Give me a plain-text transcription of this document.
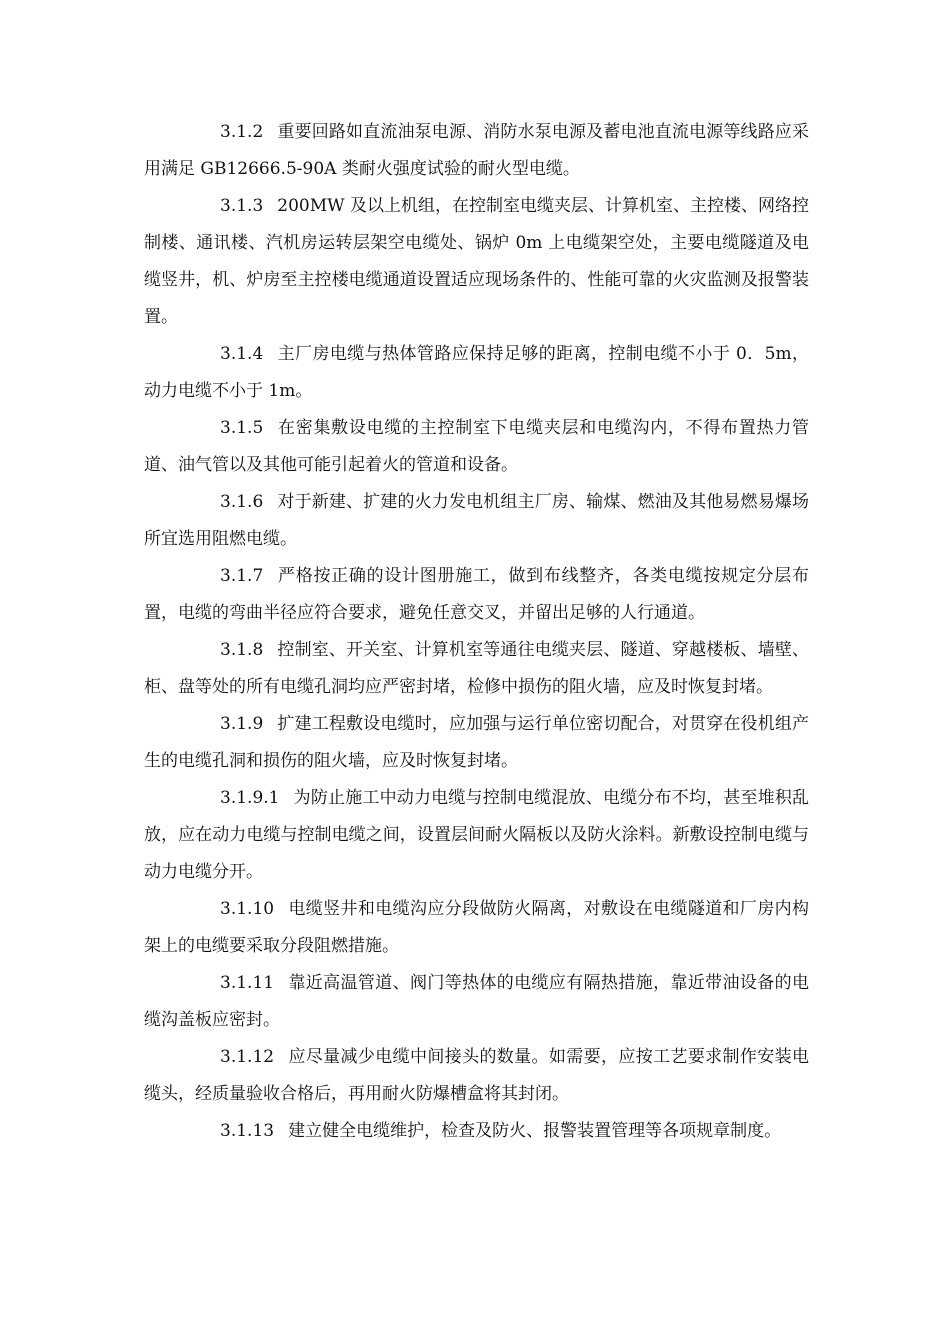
3.1.2 重要回路如直流油泵电源、消防水泵电源及蓄电池直流电源等线路应采用满足 GB12666.5-90A 类耐火强度试验的耐火型电缆。

3.1.3 200MW 及以上机组，在控制室电缆夹层、计算机室、主控楼、网络控制楼、通讯楼、汽机房运转层架空电缆处、锅炉 0m 上电缆架空处，主要电缆隧道及电缆竖井，机、炉房至主控楼电缆通道设置适应现场条件的、性能可靠的火灾监测及报警装置。

3.1.4 主厂房电缆与热体管路应保持足够的距离，控制电缆不小于 0．5m，动力电缆不小于 1m。

3.1.5 在密集敷设电缆的主控制室下电缆夹层和电缆沟内，不得布置热力管道、油气管以及其他可能引起着火的管道和设备。

3.1.6 对于新建、扩建的火力发电机组主厂房、输煤、燃油及其他易燃易爆场所宜选用阻燃电缆。

3.1.7 严格按正确的设计图册施工，做到布线整齐，各类电缆按规定分层布置，电缆的弯曲半径应符合要求，避免任意交叉，并留出足够的人行通道。

3.1.8 控制室、开关室、计算机室等通往电缆夹层、隧道、穿越楼板、墙壁、柜、盘等处的所有电缆孔洞均应严密封堵，检修中损伤的阻火墙，应及时恢复封堵。

3.1.9 扩建工程敷设电缆时，应加强与运行单位密切配合，对贯穿在役机组产生的电缆孔洞和损伤的阻火墙，应及时恢复封堵。

3.1.9.1 为防止施工中动力电缆与控制电缆混放、电缆分布不均，甚至堆积乱放，应在动力电缆与控制电缆之间，设置层间耐火隔板以及防火涂料。新敷设控制电缆与动力电缆分开。

3.1.10 电缆竖井和电缆沟应分段做防火隔离，对敷设在电缆隧道和厂房内构架上的电缆要采取分段阻燃措施。

3.1.11 靠近高温管道、阀门等热体的电缆应有隔热措施，靠近带油设备的电缆沟盖板应密封。

3.1.12 应尽量减少电缆中间接头的数量。如需要，应按工艺要求制作安装电缆头，经质量验收合格后，再用耐火防爆槽盒将其封闭。

3.1.13 建立健全电缆维护，检查及防火、报警装置管理等各项规章制度。
